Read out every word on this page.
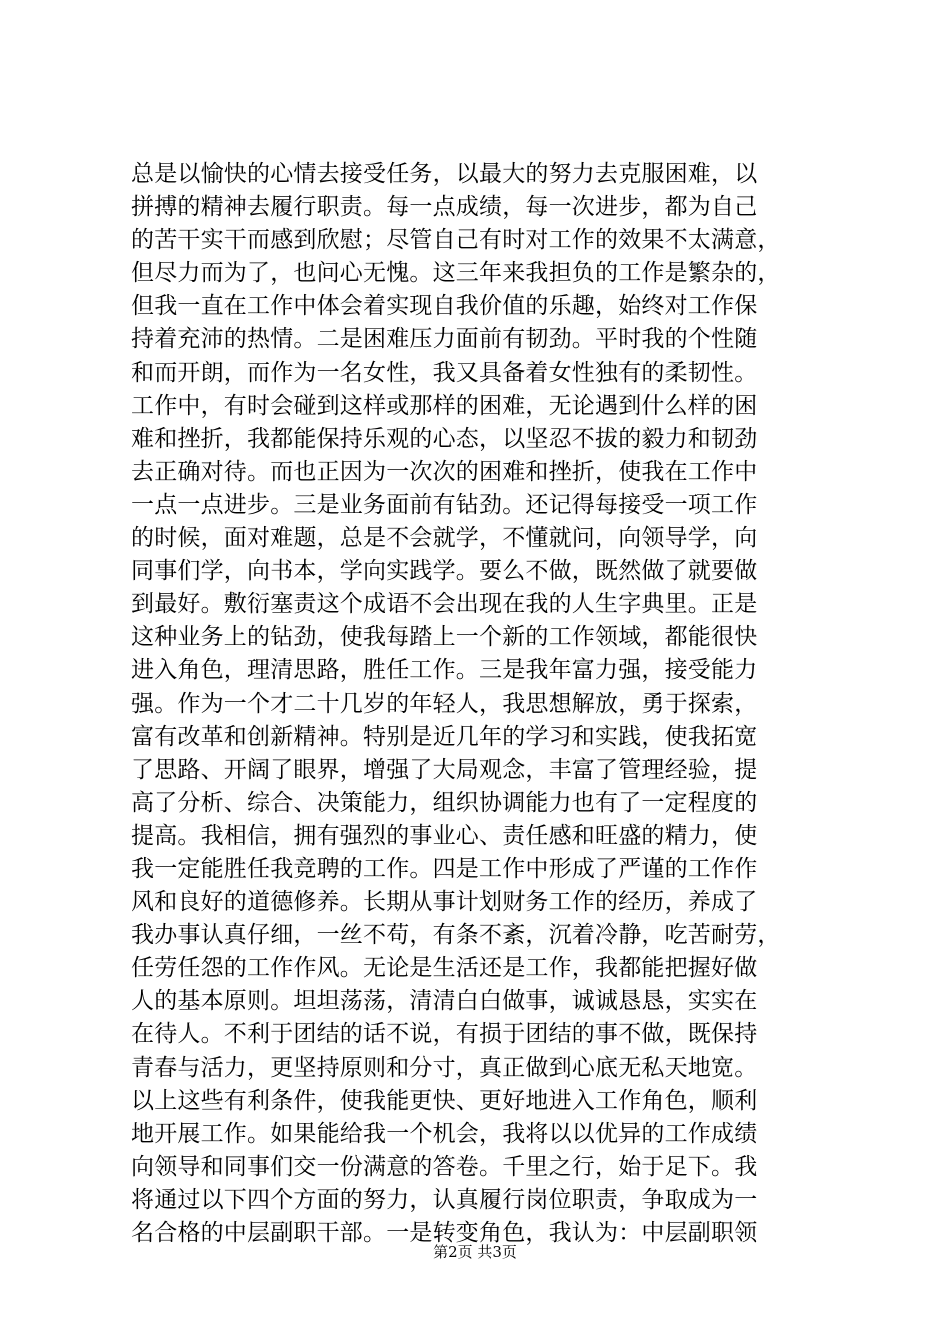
总是以愉快的心情去接受任务，以最大的努力去克服困难，以
拼搏的精神去履行职责。每一点成绩，每一次进步，都为自己
的苦干实干而感到欣慰；尽管自己有时对工作的效果不太满意，
但尽力而为了，也问心无愧。这三年来我担负的工作是繁杂的，
但我一直在工作中体会着实现自我价值的乐趣，始终对工作保
持着充沛的热情。二是困难压力面前有韧劲。平时我的个性随
和而开朗，而作为一名女性，我又具备着女性独有的柔韧性。
工作中，有时会碰到这样或那样的困难，无论遇到什么样的困
难和挫折，我都能保持乐观的心态，以坚忍不拔的毅力和韧劲
去正确对待。而也正因为一次次的困难和挫折，使我在工作中
一点一点进步。三是业务面前有钻劲。还记得每接受一项工作
的时候，面对难题，总是不会就学，不懂就问，向领导学，向
同事们学，向书本，学向实践学。要么不做，既然做了就要做
到最好。敷衍塞责这个成语不会出现在我的人生字典里。正是
这种业务上的钻劲，使我每踏上一个新的工作领域，都能很快
进入角色，理清思路，胜任工作。三是我年富力强，接受能力
强。作为一个才二十几岁的年轻人，我思想解放，勇于探索，
富有改革和创新精神。特别是近几年的学习和实践，使我拓宽
了思路、开阔了眼界，增强了大局观念，丰富了管理经验，提
高了分析、综合、决策能力，组织协调能力也有了一定程度的
提高。我相信，拥有强烈的事业心、责任感和旺盛的精力，使
我一定能胜任我竞聘的工作。四是工作中形成了严谨的工作作
风和良好的道德修养。长期从事计划财务工作的经历，养成了
我办事认真仔细，一丝不苟，有条不紊，沉着冷静，吃苦耐劳，
任劳任怨的工作作风。无论是生活还是工作，我都能把握好做
人的基本原则。坦坦荡荡，清清白白做事，诚诚恳恳，实实在
在待人。不利于团结的话不说，有损于团结的事不做，既保持
青春与活力，更坚持原则和分寸，真正做到心底无私天地宽。
以上这些有利条件，使我能更快、更好地进入工作角色，顺利
地开展工作。如果能给我一个机会，我将以以优异的工作成绩
向领导和同事们交一份满意的答卷。千里之行，始于足下。我
将通过以下四个方面的努力，认真履行岗位职责，争取成为一
名合格的中层副职干部。一是转变角色，我认为：中层副职领
第2页 共3页
